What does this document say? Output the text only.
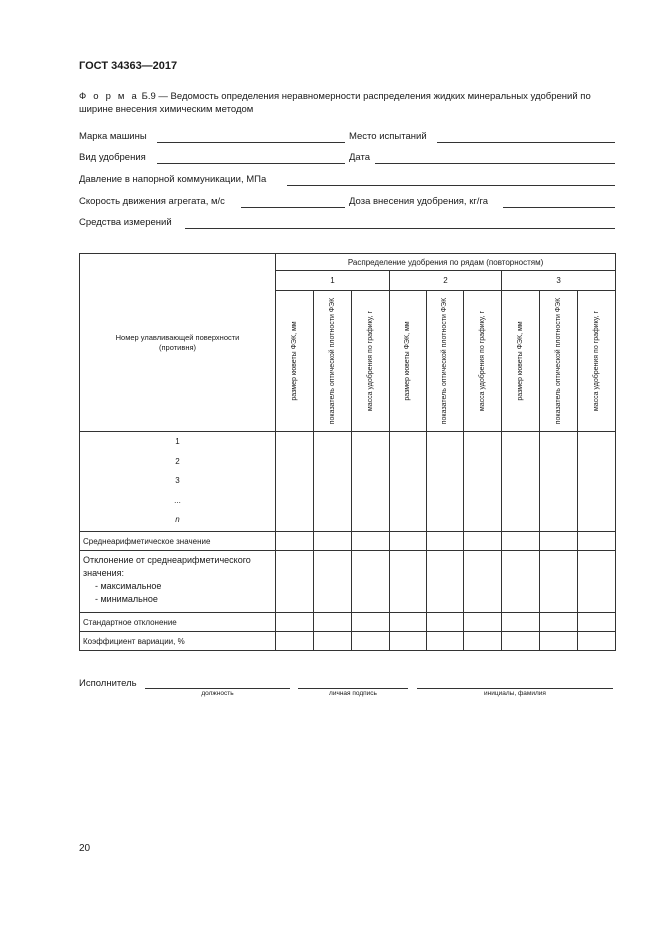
ГОСТ 34363—2017
Ф о р м а Б.9 — Ведомость определения неравномерности распределения жидких минеральных удобрений по ширине внесения химическим методом
Марка машины	Место испытаний
Вид удобрения	Дата
Давление в напорной коммуникации, МПа
Скорость движения агрегата, м/с	Доза внесения удобрения, кг/га
Средства измерений
Номер улавливающей поверхности (противня)	Распределение удобрения по рядам (повторностям)								
	1			2			3		

	размер кюветы ФЭК, мм	показатель оптической плотности ФЭК	масса удобрения по графику, г	размер кюветы ФЭК, мм	показатель оптической плотности ФЭК	масса удобрения по графику, г	размер кюветы ФЭК, мм	показатель оптической плотности ФЭК	масса удобрения по графику, г

1
2
3
...
n									

Среднеарифметическое значение									

Отклонение от среднеарифметического значения:
- максимальное
- минимальное									

Стандартное отклонение									
Коэффициент вариации, %									
Исполнитель
должность	личная подпись	инициалы, фамилия
20
